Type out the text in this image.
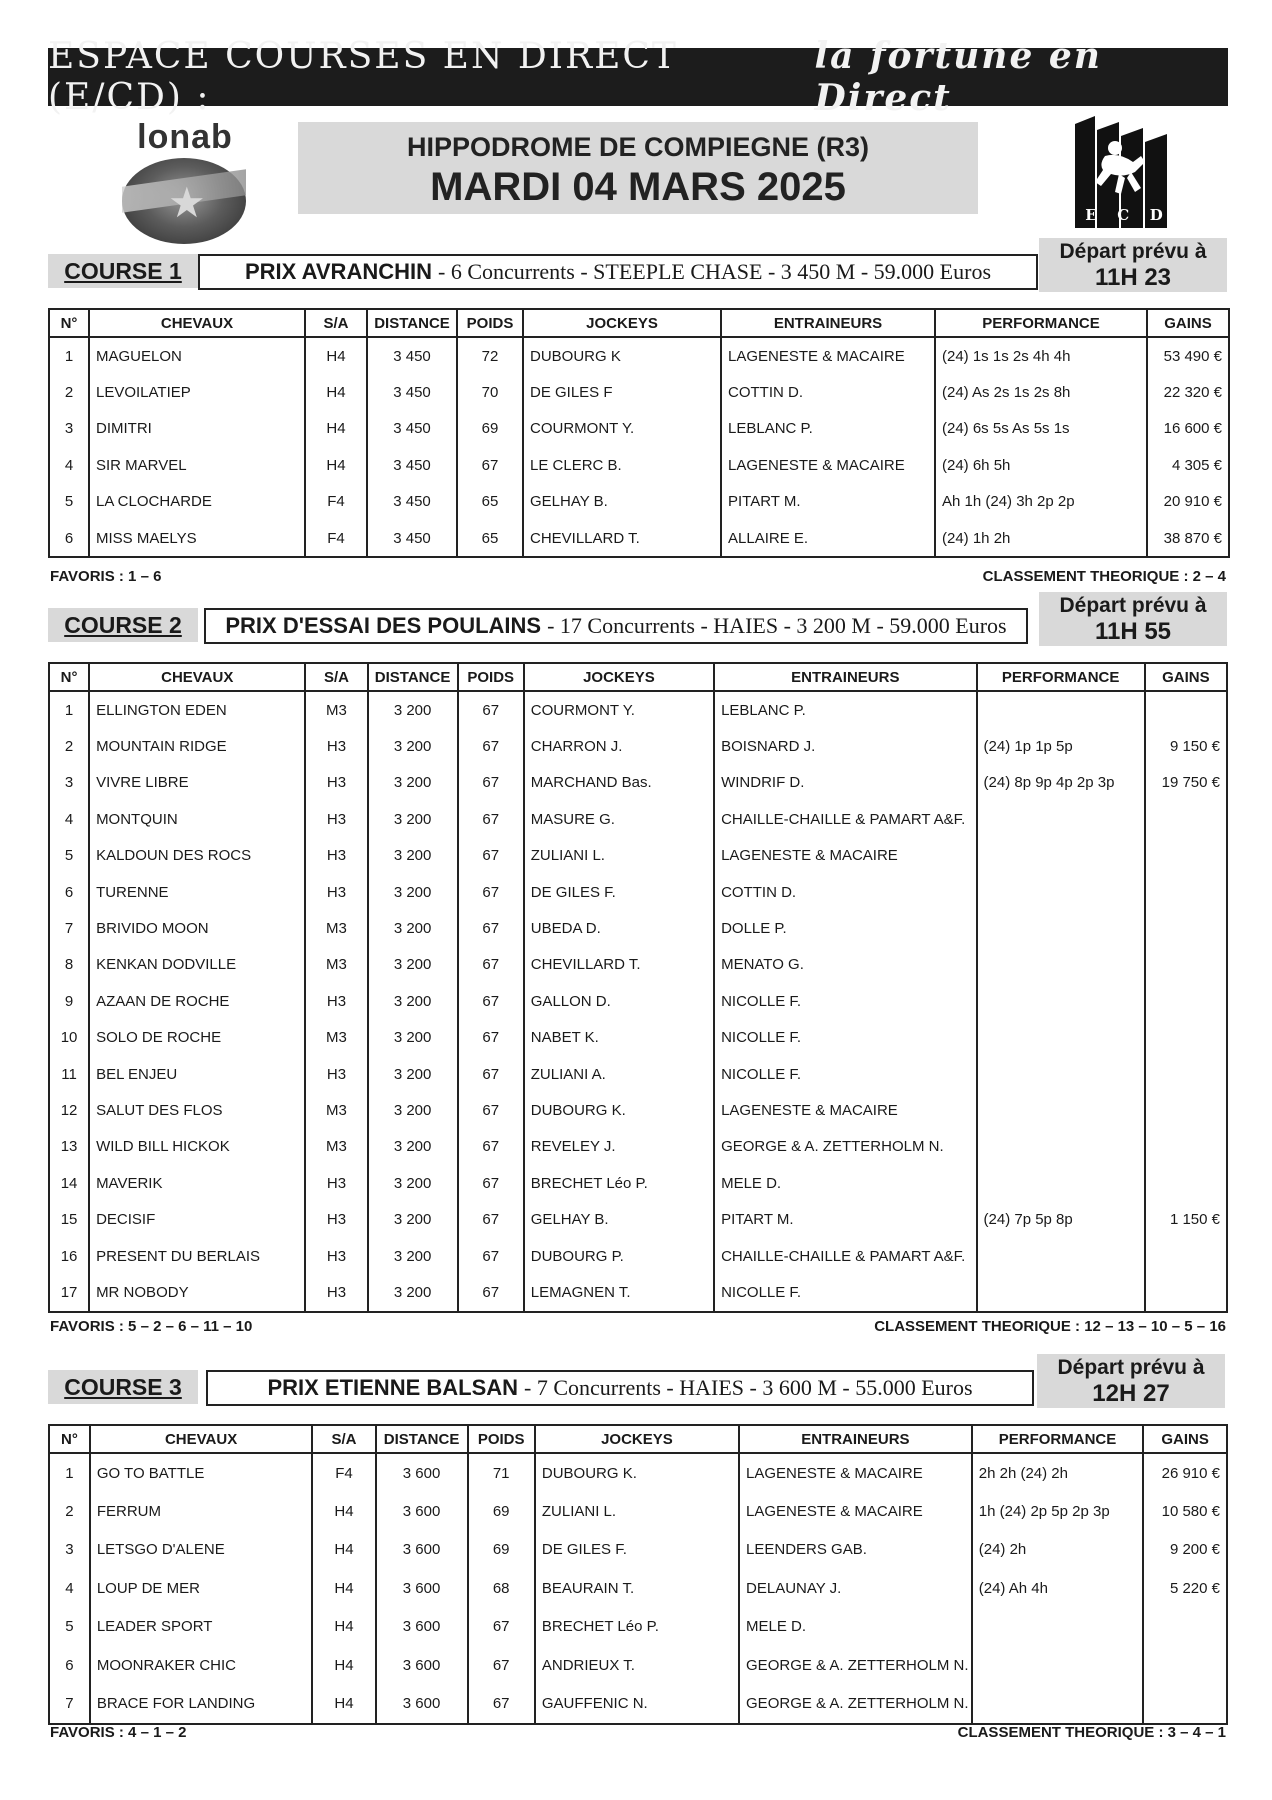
ESPACE COURSES EN DIRECT (E/CD) :
la fortune en Direct
lonab
★
HIPPODROME DE COMPIEGNE (R3)
MARDI 04 MARS 2025
E C D
COURSE 1	PRIX AVRANCHIN - 6 Concurrents - STEEPLE CHASE - 3 450 M - 59.000 Euros
Départ prévu à
11H 23
N°	CHEVAUX	S/A	DISTANCE	POIDS	JOCKEYS	ENTRAINEURS	PERFORMANCE	GAINS
1	MAGUELON	H4	3 450	72	DUBOURG K	LAGENESTE & MACAIRE	(24) 1s 1s 2s 4h 4h	53 490 €
2	LEVOILATIEP	H4	3 450	70	DE GILES F	COTTIN D.	(24) As 2s 1s 2s 8h	22 320 €
3	DIMITRI	H4	3 450	69	COURMONT Y.	LEBLANC P.	(24) 6s 5s As 5s 1s	16 600 €
4	SIR MARVEL	H4	3 450	67	LE CLERC B.	LAGENESTE & MACAIRE	(24) 6h 5h	4 305 €
5	LA CLOCHARDE	F4	3 450	65	GELHAY B.	PITART M.	Ah 1h (24) 3h 2p 2p	20 910 €
6	MISS MAELYS	F4	3 450	65	CHEVILLARD T.	ALLAIRE E.	(24) 1h 2h	38 870 €
FAVORIS : 1 – 6	CLASSEMENT THEORIQUE : 2 – 4
COURSE 2	PRIX D'ESSAI DES POULAINS - 17 Concurrents - HAIES - 3 200 M - 59.000 Euros
Départ prévu à
11H 55
N°	CHEVAUX	S/A	DISTANCE	POIDS	JOCKEYS	ENTRAINEURS	PERFORMANCE	GAINS
1	ELLINGTON EDEN	M3	3 200	67	COURMONT Y.	LEBLANC P.		
2	MOUNTAIN RIDGE	H3	3 200	67	CHARRON J.	BOISNARD J.	(24) 1p 1p 5p	9 150 €
3	VIVRE LIBRE	H3	3 200	67	MARCHAND Bas.	WINDRIF D.	(24) 8p 9p 4p 2p 3p	19 750 €
4	MONTQUIN	H3	3 200	67	MASURE G.	CHAILLE-CHAILLE & PAMART A&F.		
5	KALDOUN DES ROCS	H3	3 200	67	ZULIANI L.	LAGENESTE & MACAIRE		
6	TURENNE	H3	3 200	67	DE GILES F.	COTTIN D.		
7	BRIVIDO MOON	M3	3 200	67	UBEDA D.	DOLLE P.		
8	KENKAN DODVILLE	M3	3 200	67	CHEVILLARD T.	MENATO G.		
9	AZAAN DE ROCHE	H3	3 200	67	GALLON D.	NICOLLE F.		
10	SOLO DE ROCHE	M3	3 200	67	NABET K.	NICOLLE F.		
11	BEL ENJEU	H3	3 200	67	ZULIANI A.	NICOLLE F.		
12	SALUT DES FLOS	M3	3 200	67	DUBOURG K.	LAGENESTE & MACAIRE		
13	WILD BILL HICKOK	M3	3 200	67	REVELEY J.	GEORGE & A. ZETTERHOLM N.		
14	MAVERIK	H3	3 200	67	BRECHET Léo P.	MELE D.		
15	DECISIF	H3	3 200	67	GELHAY B.	PITART M.	(24) 7p 5p 8p	1 150 €
16	PRESENT DU BERLAIS	H3	3 200	67	DUBOURG P.	CHAILLE-CHAILLE & PAMART A&F.		
17	MR NOBODY	H3	3 200	67	LEMAGNEN T.	NICOLLE F.		
FAVORIS : 5 – 2 – 6 – 11 – 10	CLASSEMENT THEORIQUE : 12 – 13 – 10 – 5 – 16
COURSE 3	PRIX ETIENNE BALSAN - 7 Concurrents - HAIES - 3 600 M - 55.000 Euros
Départ prévu à
12H 27
N°	CHEVAUX	S/A	DISTANCE	POIDS	JOCKEYS	ENTRAINEURS	PERFORMANCE	GAINS
1	GO TO BATTLE	F4	3 600	71	DUBOURG K.	LAGENESTE & MACAIRE	2h 2h (24) 2h	26 910 €
2	FERRUM	H4	3 600	69	ZULIANI L.	LAGENESTE & MACAIRE	1h (24) 2p 5p 2p 3p	10 580 €
3	LETSGO D'ALENE	H4	3 600	69	DE GILES F.	LEENDERS GAB.	(24) 2h	9 200 €
4	LOUP DE MER	H4	3 600	68	BEAURAIN T.	DELAUNAY J.	(24) Ah 4h	5 220 €
5	LEADER SPORT	H4	3 600	67	BRECHET Léo P.	MELE D.		
6	MOONRAKER CHIC	H4	3 600	67	ANDRIEUX T.	GEORGE & A. ZETTERHOLM N.		
7	BRACE FOR LANDING	H4	3 600	67	GAUFFENIC N.	GEORGE & A. ZETTERHOLM N.		
FAVORIS : 4 – 1 – 2	CLASSEMENT THEORIQUE : 3 – 4 – 1
